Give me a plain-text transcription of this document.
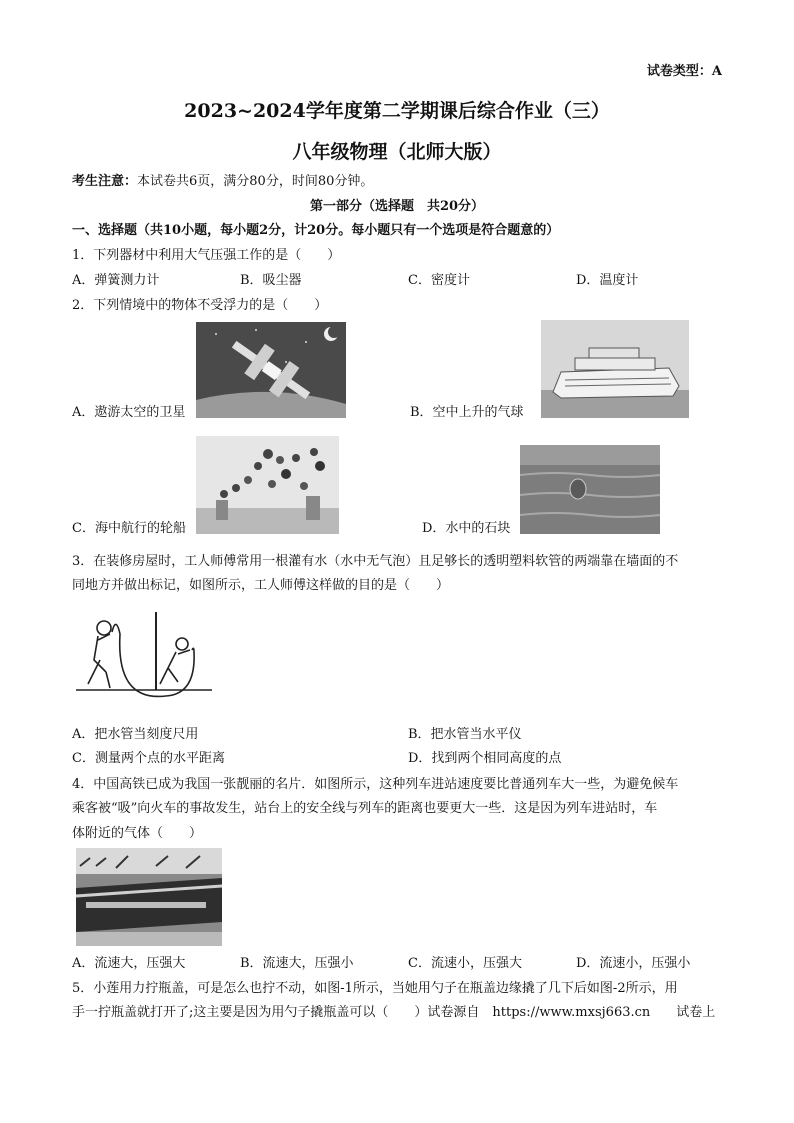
试卷类型：A
2023~2024学年度第二学期课后综合作业（三）
八年级物理（北师大版）
考生注意：本试卷共6页，满分80分，时间80分钟。
第一部分（选择题　共20分）
一、选择题（共10小题，每小题2分，计20分。每小题只有一个选项是符合题意的）
1．下列器材中利用大气压强工作的是（　　）
A．弹簧测力计	B．吸尘器	C．密度计	D．温度计
2．下列情境中的物体不受浮力的是（　　）
A．遨游太空的卫星	B．空中上升的气球
C．海中航行的轮船	D．水中的石块
3．在装修房屋时，工人师傅常用一根灌有水（水中无气泡）且足够长的透明塑料软管的两端靠在墙面的不
同地方并做出标记，如图所示，工人师傅这样做的目的是（　　）
A．把水管当刻度尺用	B．把水管当水平仪
C．测量两个点的水平距离	D．找到两个相同高度的点
4．中国高铁已成为我国一张靓丽的名片．如图所示，这种列车进站速度要比普通列车大一些，为避免候车
乘客被“吸”向火车的事故发生，站台上的安全线与列车的距离也要更大一些．这是因为列车进站时，车
体附近的气体（　　）
A．流速大，压强大	B．流速大，压强小	C．流速小，压强大	D．流速小，压强小
5．小莲用力拧瓶盖，可是怎么也拧不动，如图-1所示，当她用勺子在瓶盖边缘撬了几下后如图-2所示，用
手一拧瓶盖就打开了;这主要是因为用勺子撬瓶盖可以（　　）试卷源自　https://www.mxsj663.cn　　试卷上
